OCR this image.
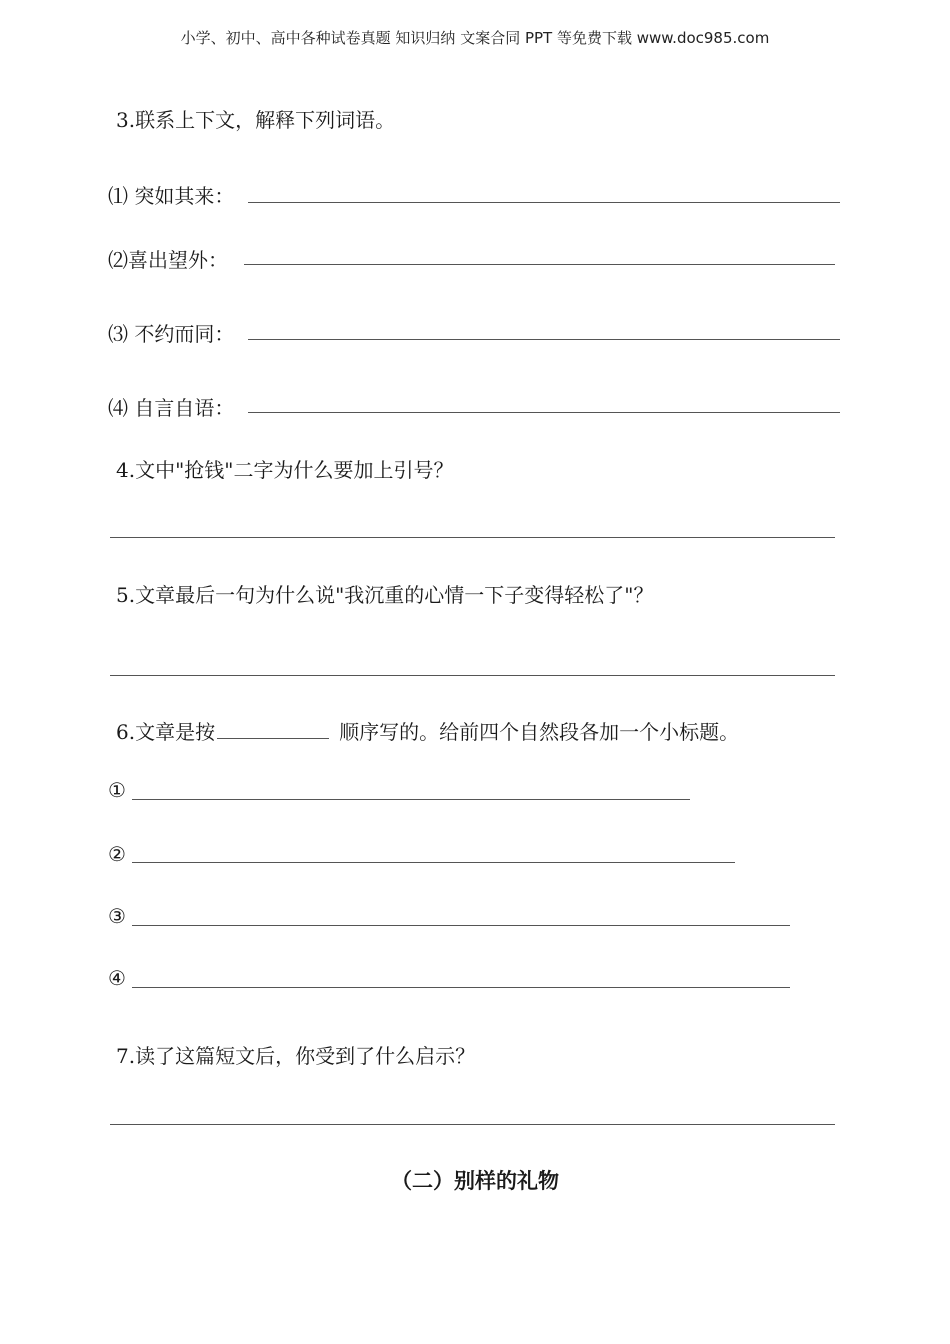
小学、初中、高中各种试卷真题 知识归纳 文案合同 PPT 等免费下载 www.doc985.com
3.联系上下文，解释下列词语。
⑴ 突如其来：
⑵喜出望外：
⑶ 不约而同：
⑷ 自言自语：
4.文中"抢钱"二字为什么要加上引号？
5.文章最后一句为什么说"我沉重的心情一下子变得轻松了"？
6.文章是按	顺序写的。给前四个自然段各加一个小标题。
①
②
③
④
7.读了这篇短文后，你受到了什么启示？
（二）别样的礼物
